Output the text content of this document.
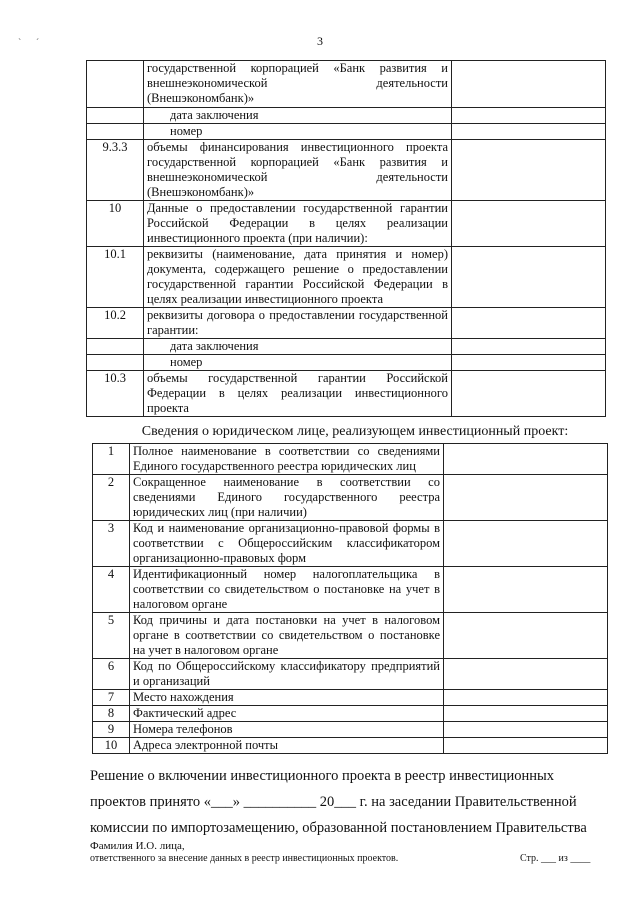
3
` ´
	государственной корпорацией «Банк развития и внешнеэкономической деятельности (Внешэкономбанк)»	
	дата заключения	
	номер	
9.3.3	объемы финансирования инвестиционного проекта государственной корпорацией «Банк развития и внешнеэкономической деятельности (Внешэкономбанк)»	
10	Данные о предоставлении государственной гарантии Российской Федерации в целях реализации инвестиционного проекта (при наличии):	
10.1	реквизиты (наименование, дата принятия и номер) документа, содержащего решение о предоставлении государственной гарантии Российской Федерации в целях реализации инвестиционного проекта	
10.2	реквизиты договора о предоставлении государственной гарантии:	
	дата заключения	
	номер	
10.3	объемы государственной гарантии Российской Федерации в целях реализации инвестиционного проекта	
Сведения о юридическом лице, реализующем инвестиционный проект:
1	Полное наименование в соответствии со сведениями Единого государственного реестра юридических лиц	
2	Сокращенное наименование в соответствии со сведениями Единого государственного реестра юридических лиц (при наличии)	
3	Код и наименование организационно-правовой формы в соответствии с Общероссийским классификатором организационно-правовых форм	
4	Идентификационный номер налогоплательщика в соответствии со свидетельством о постановке на учет в налоговом органе	
5	Код причины и дата постановки на учет в налоговом органе в соответствии со свидетельством о постановке на учет в налоговом органе	
6	Код по Общероссийскому классификатору предприятий и организаций	
7	Место нахождения	
8	Фактический адрес	
9	Номера телефонов	
10	Адреса электронной почты	
Решение о включении инвестиционного проекта в реестр инвестиционных
проектов принято «___» __________ 20___ г. на заседании Правительственной
комиссии по импортозамещению, образованной постановлением Правительства
Фамилия И.О. лица,
ответственного за внесение данных в реестр инвестиционных проектов.	Стр. ___ из ____
